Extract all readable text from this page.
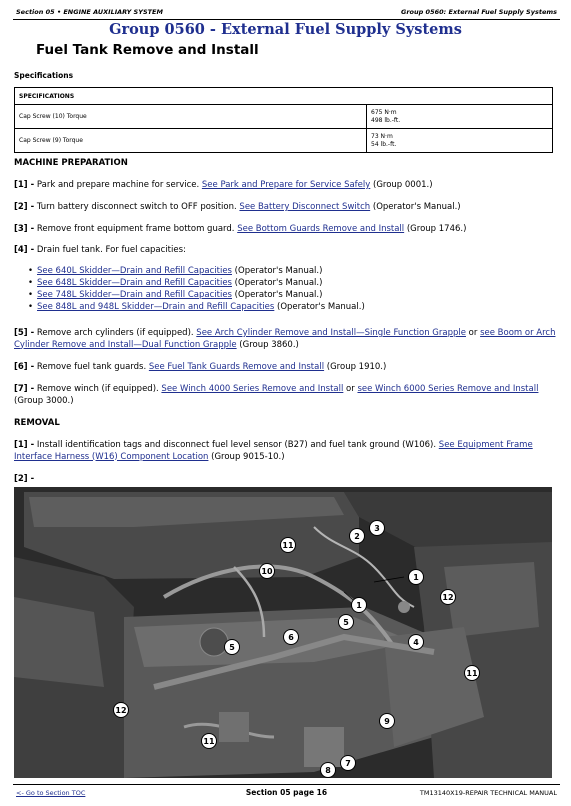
Section 05 • ENGINE AUXILIARY SYSTEM	Group 0560: External Fuel Supply Systems
Group 0560 - External Fuel Supply Systems
Fuel Tank Remove and Install
Specifications
SPECIFICATIONS	
Cap Screw (10) Torque	675 N·m
498 lb.-ft.

Cap Screw (9) Torque	73 N·m
54 lb.-ft.
MACHINE PREPARATION
[1] - Park and prepare machine for service. See Park and Prepare for Service Safely (Group 0001.)
[2] - Turn battery disconnect switch to OFF position. See Battery Disconnect Switch (Operator's Manual.)
[3] - Remove front equipment frame bottom guard. See Bottom Guards Remove and Install (Group 1746.)
[4] - Drain fuel tank. For fuel capacities:
• See 640L Skidder—Drain and Refill Capacities (Operator's Manual.)
• See 648L Skidder—Drain and Refill Capacities (Operator's Manual.)
• See 748L Skidder—Drain and Refill Capacities (Operator's Manual.)
• See 848L and 948L Skidder—Drain and Refill Capacities (Operator's Manual.)
[5] - Remove arch cylinders (if equipped). See Arch Cylinder Remove and Install—Single Function Grapple or see Boom or Arch Cylinder Remove and Install—Dual Function Grapple (Group 3860.)
[6] - Remove fuel tank guards. See Fuel Tank Guards Remove and Install (Group 1910.)
[7] - Remove winch (if equipped). See Winch 4000 Series Remove and Install or see Winch 6000 Series Remove and Install (Group 3000.)
REMOVAL
[1] - Install identification tags and disconnect fuel level sensor (B27) and fuel tank ground (W106). See Equipment Frame Interface Harness (W16) Component Location (Group 9015-10.)
[2] -
1
1
2
3
4
5
5
6
7
8
9
10
11
11
11
12
12
<- Go to Section TOC	Section 05 page 16	TM13140X19-REPAIR TECHNICAL MANUAL
